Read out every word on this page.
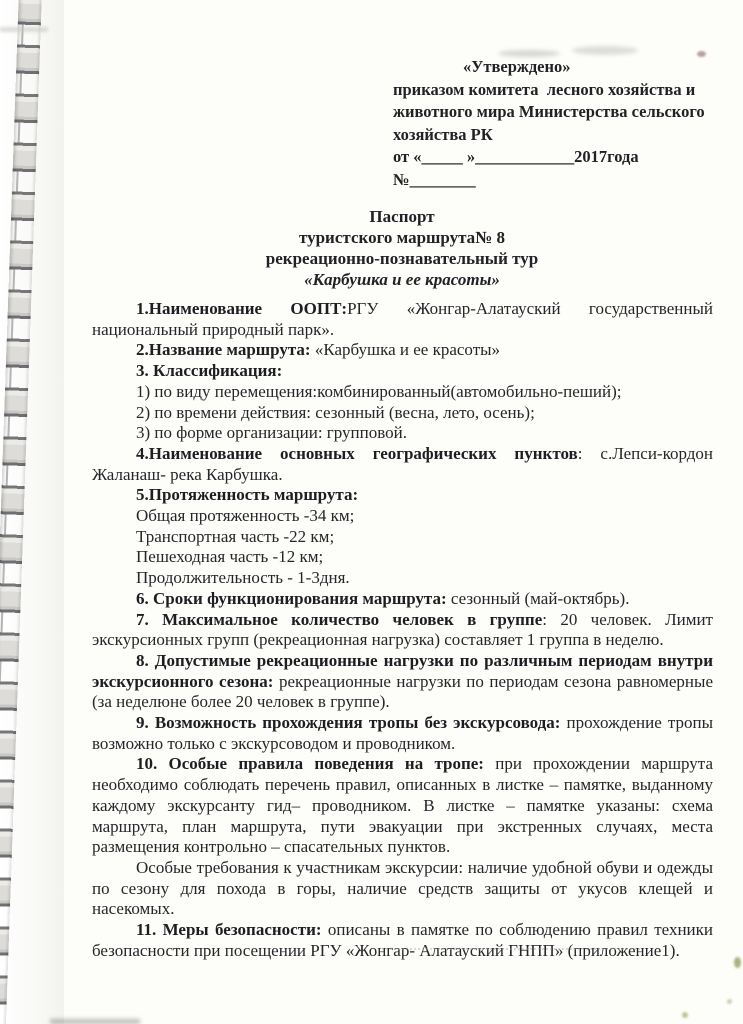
«Утверждено»
приказом комитета  лесного хозяйства и
животного мира Министерства сельского
хозяйства РК
от «_____ »____________2017года
№________
Паспорт
туристского маршрута№ 8
рекреационно-познавательный тур
«Карбушка и ее красоты»

1.Наименование ООПТ:РГУ «Жонгар-Алатауский государственный национальный природный парк».

2.Название маршрута: «Карбушка и ее красоты»

3. Классификация:

1) по виду перемещения:комбинированный(автомобильно-пеший);

2) по времени действия: сезонный (весна, лето, осень);

3) по форме организации: групповой.

4.Наименование основных географических пунктов: с.Лепси-кордон Жаланаш- река Карбушка.

5.Протяженность маршрута:

Общая протяженность -34 км;

Транспортная часть -22 км;

Пешеходная часть -12 км;

Продолжительность - 1-3дня.

6. Сроки функционирования маршрута: сезонный (май-октябрь).

7. Максимальное количество человек в группе: 20 человек. Лимит экскурсионных групп (рекреационная нагрузка) составляет 1 группа в неделю.

8. Допустимые рекреационные нагрузки по различным периодам внутри экскурсионного сезона: рекреационные нагрузки по периодам сезона равномерные (за неделюне более 20 человек в группе).

9. Возможность прохождения тропы без экскурсовода: прохождение тропы возможно только с экскурсоводом и проводником.

10. Особые правила поведения на тропе: при прохождении маршрута необходимо соблюдать перечень правил, описанных в листке – памятке, выданному каждому экскурсанту гид– проводником. В листке – памятке указаны: схема маршрута, план маршрута, пути эвакуации при экстренных случаях, места размещения контрольно – спасательных пунктов.

Особые требования к участникам экскурсии: наличие удобной обуви и одежды по сезону для похода в горы, наличие средств защиты от укусов клещей и насекомых.

11. Меры безопасности: описаны в памятке по соблюдению правил техники безопасности при посещении РГУ «Жонгар- Алатауский ГНПП» (приложение1).
